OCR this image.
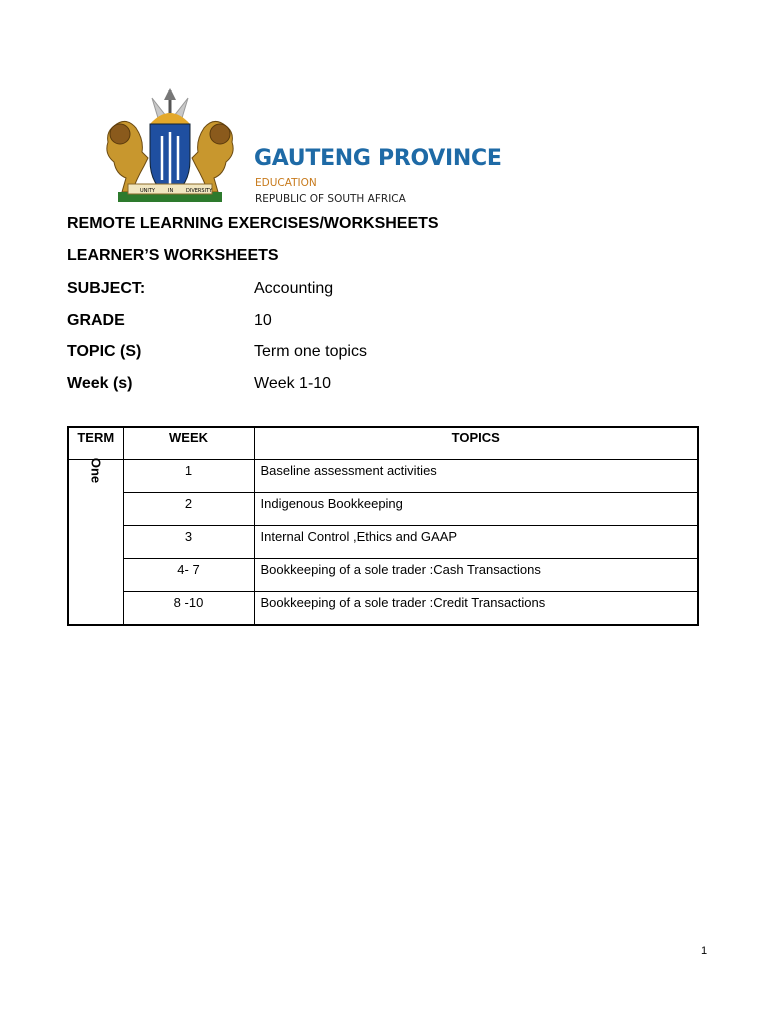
UNITY	IN	DIVERSITY
GAUTENG PROVINCE
EDUCATION
REPUBLIC OF SOUTH AFRICA
REMOTE LEARNING EXERCISES/WORKSHEETS
LEARNER’S WORKSHEETS
SUBJECT:	Accounting
GRADE	10
TOPIC (S)	Term one topics
Week (s)	Week 1-10
TERM	WEEK	TOPICS

One	1	Baseline assessment activities
	2	Indigenous Bookkeeping
	3	Internal Control ,Ethics and GAAP
	4- 7	Bookkeeping of a sole trader :Cash Transactions
	8 -10	Bookkeeping of a sole trader :Credit Transactions
1
